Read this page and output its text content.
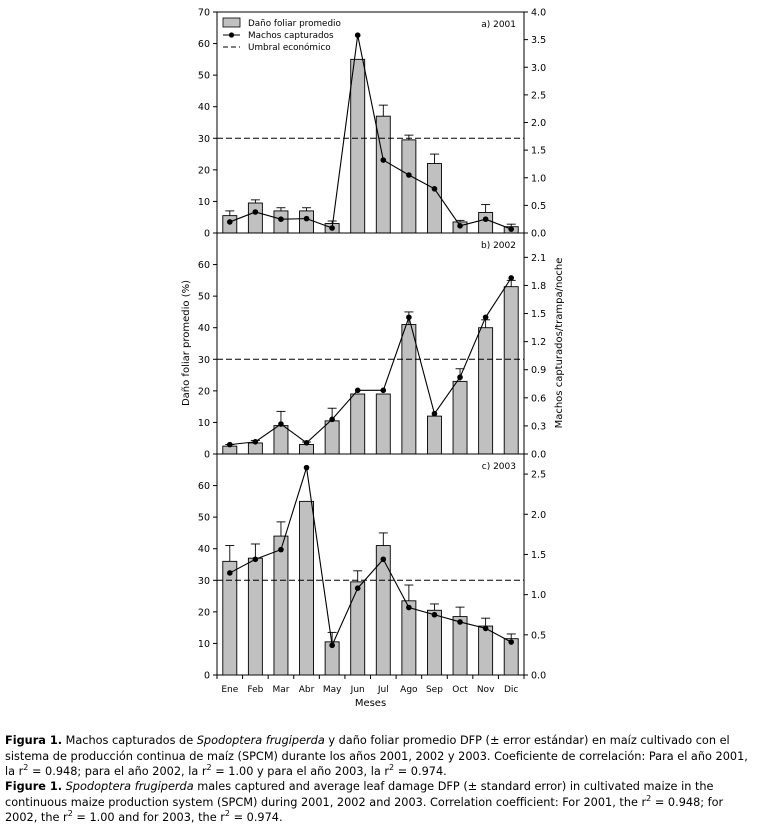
0
10
20
30
40
50
60
70
0.0
0.5
1.0
1.5
2.0
2.5
3.0
3.5
4.0
a) 2001
Daño foliar promedio
Machos capturados
Umbral económico
0
10
20
30
40
50
60
0.0
0.3
0.6
0.9
1.2
1.5
1.8
2.1
b) 2002
0
10
20
30
40
50
60
0.0
0.5
1.0
1.5
2.0
2.5
c) 2003
Ene Feb Mar Abr May Jun Jul Ago Sep Oct Nov Dic
Daño foliar promedio (%)	Machos capturados/trampa/noche
Meses
Figura 1. Machos capturados de Spodoptera frugiperda y daño foliar promedio DFP (± error estándar) en maíz cultivado con el sistema de producción continua de maíz (SPCM) durante los años 2001, 2002 y 2003. Coeficiente de correlación: Para el año 2001, la $r^2 = 0.948$; para el año 2002, la $r^2 = 1.00$ y para el año 2003, la $r^2 = 0.974$.
Figure 1. Spodoptera frugiperda males captured and average leaf damage DFP (± standard error) in cultivated maize in the continuous maize production system (SPCM) during 2001, 2002 and 2003. Correlation coefficient: For 2001, the $r^2 = 0.948$; for 2002, the $r^2 = 1.00$ and for 2003, the $r^2 = 0.974$.
